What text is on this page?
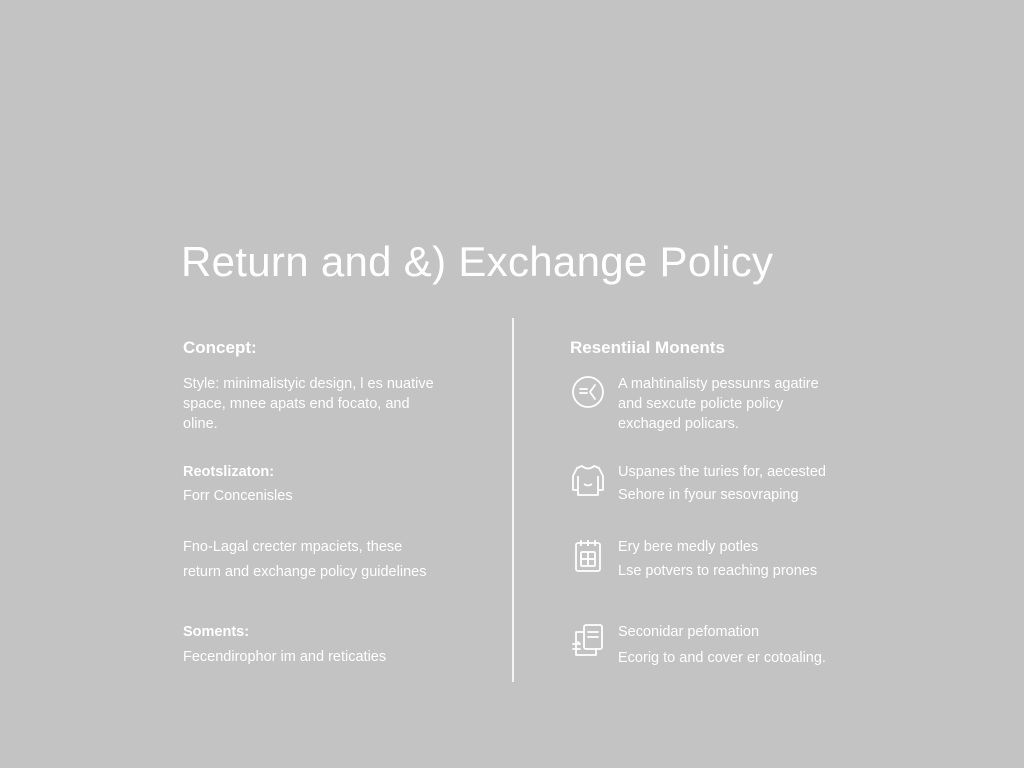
Return and &) Exchange Policy
Concept:
Style: minimalistyic design, l es nuative
space, mnee apats end focato, and
oline.
Reotslizaton:
Forr Concenisles
Fno-Lagal crecter mpaciets, these
return and exchange policy guidelines
Soments:
Fecendirophor im and reticaties
Resentiial Monents
A mahtinalisty pessunrs agatire
and sexcute policte policy
exchaged policars.
Uspanes the turies for, aecested
Sehore in fyour sesovraping
Ery bere medly potles
Lse potvers to reaching prones
Seconidar pefomation
Ecorig to and cover er cotoaling.
